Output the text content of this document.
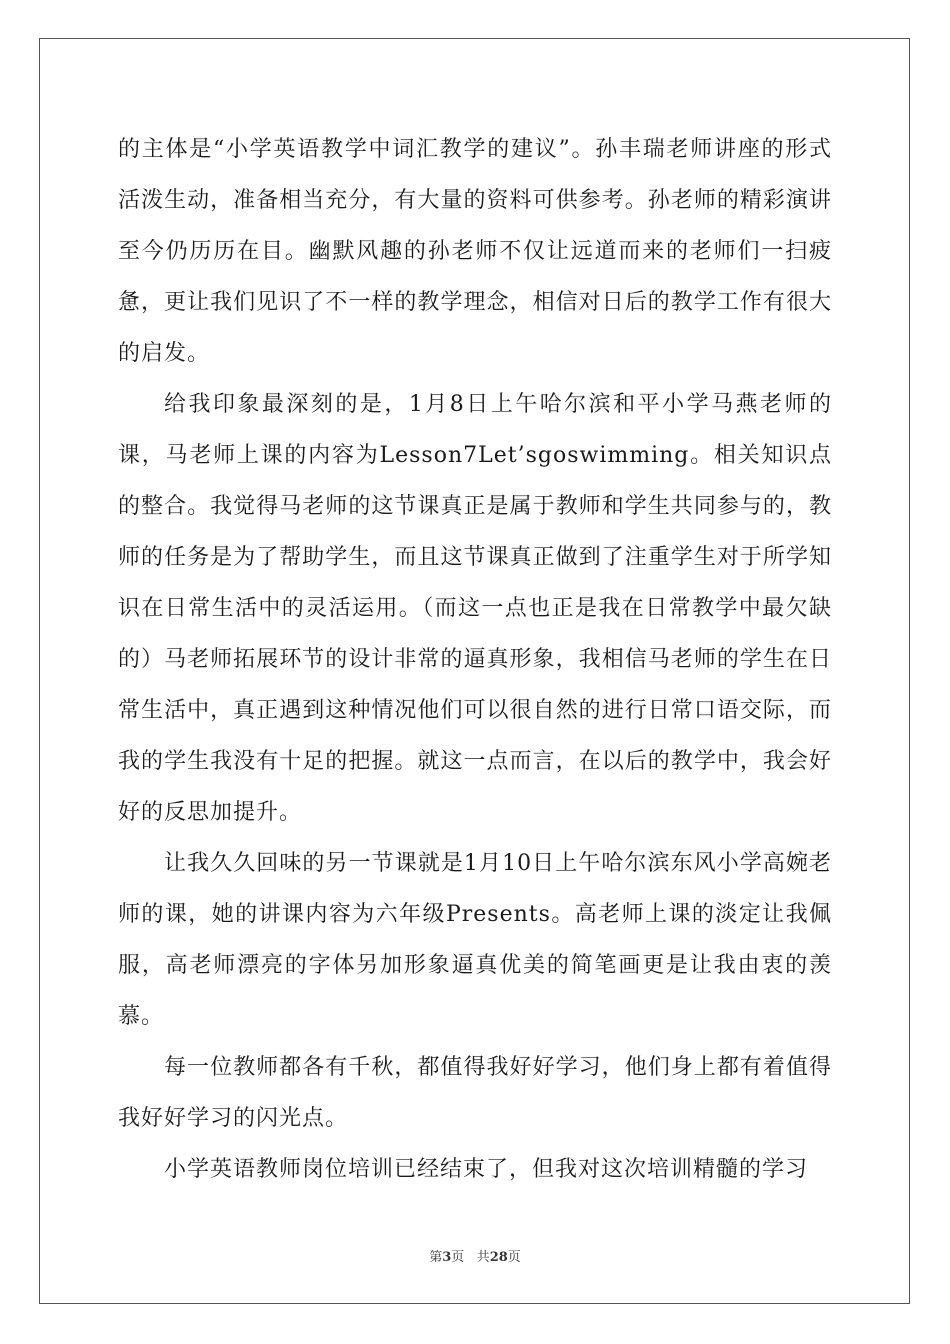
的主体是“小学英语教学中词汇教学的建议”。孙丰瑞老师讲座的形式活泼生动，准备相当充分，有大量的资料可供参考。孙老师的精彩演讲至今仍历历在目。幽默风趣的孙老师不仅让远道而来的老师们一扫疲惫，更让我们见识了不一样的教学理念，相信对日后的教学工作有很大的启发。

给我印象最深刻的是，1月8日上午哈尔滨和平小学马燕老师的课，马老师上课的内容为Lesson7Let’sgoswimming。相关知识点的整合。我觉得马老师的这节课真正是属于教师和学生共同参与的，教师的任务是为了帮助学生，而且这节课真正做到了注重学生对于所学知识在日常生活中的灵活运用。（而这一点也正是我在日常教学中最欠缺的）马老师拓展环节的设计非常的逼真形象，我相信马老师的学生在日常生活中，真正遇到这种情况他们可以很自然的进行日常口语交际，而我的学生我没有十足的把握。就这一点而言，在以后的教学中，我会好好的反思加提升。

让我久久回味的另一节课就是1月10日上午哈尔滨东风小学高婉老师的课，她的讲课内容为六年级Presents。高老师上课的淡定让我佩服，高老师漂亮的字体另加形象逼真优美的简笔画更是让我由衷的羡慕。

每一位教师都各有千秋，都值得我好好学习，他们身上都有着值得我好好学习的闪光点。

小学英语教师岗位培训已经结束了，但我对这次培训精髓的学习

第3页 共28页
